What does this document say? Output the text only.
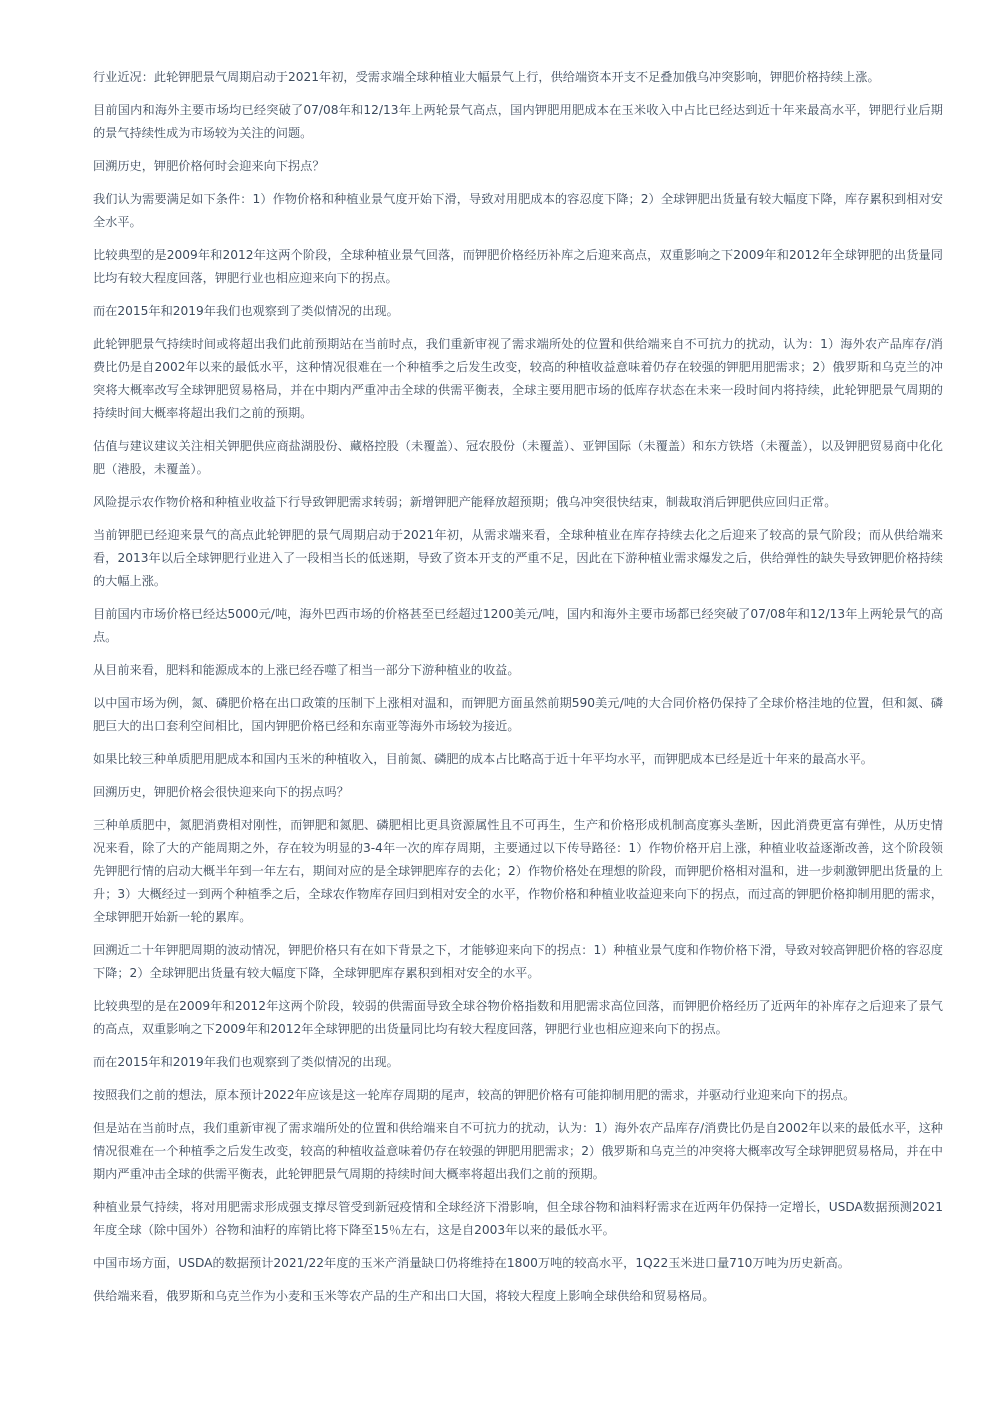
行业近况：此轮钾肥景气周期启动于2021年初，受需求端全球种植业大幅景气上行，供给端资本开支不足叠加俄乌冲突影响，钾肥价格持续上涨。

目前国内和海外主要市场均已经突破了07/08年和12/13年上两轮景气高点，国内钾肥用肥成本在玉米收入中占比已经达到近十年来最高水平，钾肥行业后期的景气持续性成为市场较为关注的问题。

回溯历史，钾肥价格何时会迎来向下拐点？

我们认为需要满足如下条件：1）作物价格和种植业景气度开始下滑，导致对用肥成本的容忍度下降；2）全球钾肥出货量有较大幅度下降，库存累积到相对安全水平。

比较典型的是2009年和2012年这两个阶段，全球种植业景气回落，而钾肥价格经历补库之后迎来高点，双重影响之下2009年和2012年全球钾肥的出货量同比均有较大程度回落，钾肥行业也相应迎来向下的拐点。

而在2015年和2019年我们也观察到了类似情况的出现。

此轮钾肥景气持续时间或将超出我们此前预期站在当前时点，我们重新审视了需求端所处的位置和供给端来自不可抗力的扰动，认为：1）海外农产品库存/消费比仍是自2002年以来的最低水平，这种情况很难在一个种植季之后发生改变，较高的种植收益意味着仍存在较强的钾肥用肥需求；2）俄罗斯和乌克兰的冲突将大概率改写全球钾肥贸易格局，并在中期内严重冲击全球的供需平衡表，全球主要用肥市场的低库存状态在未来一段时间内将持续，此轮钾肥景气周期的持续时间大概率将超出我们之前的预期。

估值与建议建议关注相关钾肥供应商盐湖股份、藏格控股（未覆盖）、冠农股份（未覆盖）、亚钾国际（未覆盖）和东方铁塔（未覆盖），以及钾肥贸易商中化化肥（港股，未覆盖）。

风险提示农作物价格和种植业收益下行导致钾肥需求转弱；新增钾肥产能释放超预期；俄乌冲突很快结束，制裁取消后钾肥供应回归正常。

当前钾肥已经迎来景气的高点此轮钾肥的景气周期启动于2021年初，从需求端来看，全球种植业在库存持续去化之后迎来了较高的景气阶段；而从供给端来看，2013年以后全球钾肥行业进入了一段相当长的低迷期，导致了资本开支的严重不足，因此在下游种植业需求爆发之后，供给弹性的缺失导致钾肥价格持续的大幅上涨。

目前国内市场价格已经达5000元/吨，海外巴西市场的价格甚至已经超过1200美元/吨，国内和海外主要市场都已经突破了07/08年和12/13年上两轮景气的高点。

从目前来看，肥料和能源成本的上涨已经吞噬了相当一部分下游种植业的收益。

以中国市场为例，氮、磷肥价格在出口政策的压制下上涨相对温和，而钾肥方面虽然前期590美元/吨的大合同价格仍保持了全球价格洼地的位置，但和氮、磷肥巨大的出口套利空间相比，国内钾肥价格已经和东南亚等海外市场较为接近。

如果比较三种单质肥用肥成本和国内玉米的种植收入，目前氮、磷肥的成本占比略高于近十年平均水平，而钾肥成本已经是近十年来的最高水平。

回溯历史，钾肥价格会很快迎来向下的拐点吗？

三种单质肥中，氮肥消费相对刚性，而钾肥和氮肥、磷肥相比更具资源属性且不可再生，生产和价格形成机制高度寡头垄断，因此消费更富有弹性，从历史情况来看，除了大的产能周期之外，存在较为明显的3-4年一次的库存周期，主要通过以下传导路径：1）作物价格开启上涨，种植业收益逐渐改善，这个阶段领先钾肥行情的启动大概半年到一年左右，期间对应的是全球钾肥库存的去化；2）作物价格处在理想的阶段，而钾肥价格相对温和，进一步刺激钾肥出货量的上升；3）大概经过一到两个种植季之后，全球农作物库存回归到相对安全的水平，作物价格和种植业收益迎来向下的拐点，而过高的钾肥价格抑制用肥的需求，全球钾肥开始新一轮的累库。

回溯近二十年钾肥周期的波动情况，钾肥价格只有在如下背景之下，才能够迎来向下的拐点：1）种植业景气度和作物价格下滑，导致对较高钾肥价格的容忍度下降；2）全球钾肥出货量有较大幅度下降，全球钾肥库存累积到相对安全的水平。

比较典型的是在2009年和2012年这两个阶段，较弱的供需面导致全球谷物价格指数和用肥需求高位回落，而钾肥价格经历了近两年的补库存之后迎来了景气的高点，双重影响之下2009年和2012年全球钾肥的出货量同比均有较大程度回落，钾肥行业也相应迎来向下的拐点。

而在2015年和2019年我们也观察到了类似情况的出现。

按照我们之前的想法，原本预计2022年应该是这一轮库存周期的尾声，较高的钾肥价格有可能抑制用肥的需求，并驱动行业迎来向下的拐点。

但是站在当前时点，我们重新审视了需求端所处的位置和供给端来自不可抗力的扰动，认为：1）海外农产品库存/消费比仍是自2002年以来的最低水平，这种情况很难在一个种植季之后发生改变，较高的种植收益意味着仍存在较强的钾肥用肥需求；2）俄罗斯和乌克兰的冲突将大概率改写全球钾肥贸易格局，并在中期内严重冲击全球的供需平衡表，此轮钾肥景气周期的持续时间大概率将超出我们之前的预期。

种植业景气持续，将对用肥需求形成强支撑尽管受到新冠疫情和全球经济下滑影响，但全球谷物和油料籽需求在近两年仍保持一定增长，USDA数据预测2021年度全球（除中国外）谷物和油籽的库销比将下降至15％左右，这是自2003年以来的最低水平。

中国市场方面，USDA的数据预计2021/22年度的玉米产消量缺口仍将维持在1800万吨的较高水平，1Q22玉米进口量710万吨为历史新高。

供给端来看，俄罗斯和乌克兰作为小麦和玉米等农产品的生产和出口大国，将较大程度上影响全球供给和贸易格局。
